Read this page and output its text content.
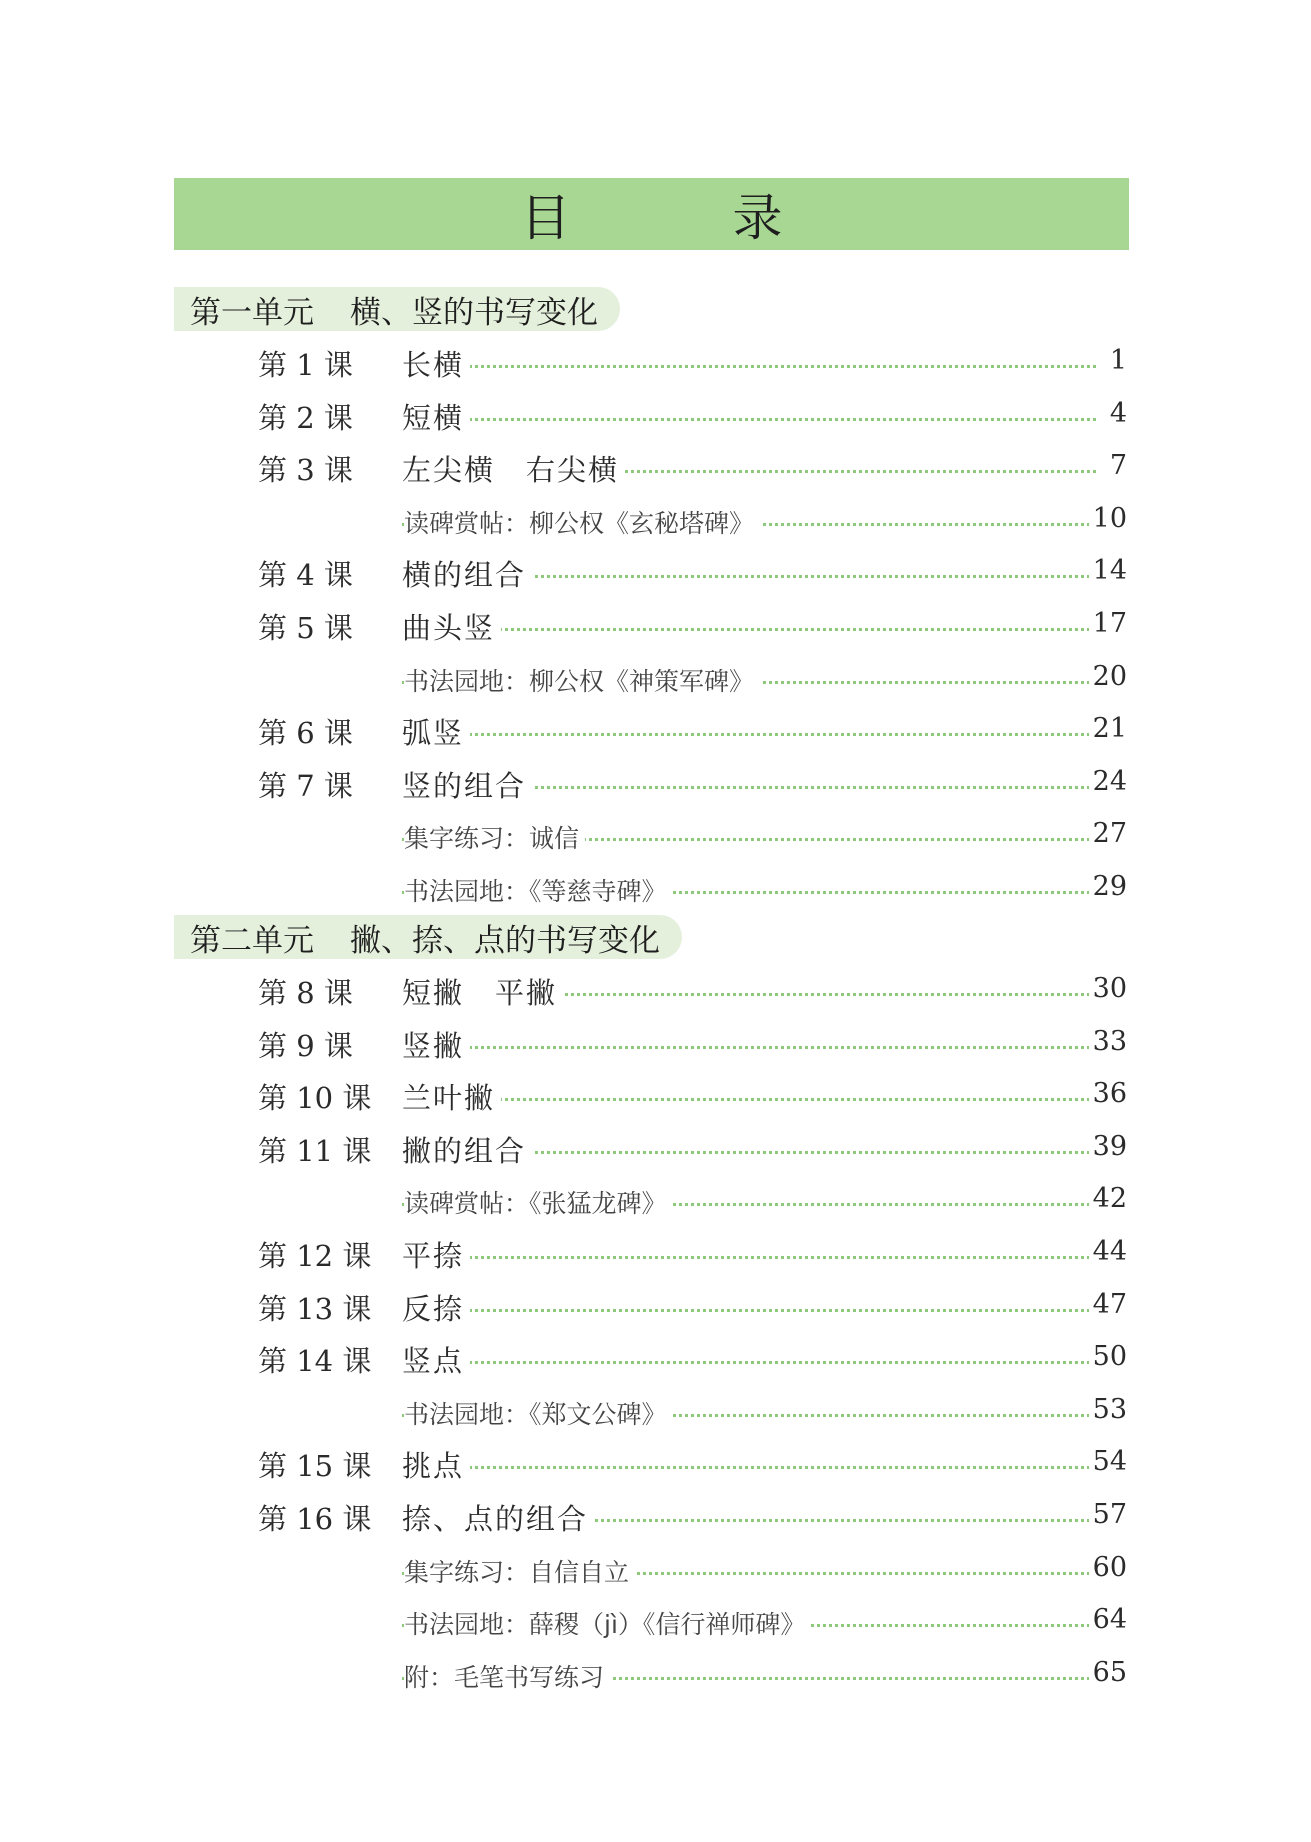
目　录
第一单元 横、竖的书写变化
第 1 课 长横	1
第 2 课 短横	4
第 3 课 左尖横　右尖横	7
读碑赏帖：柳公权《玄秘塔碑》	10
第 4 课 横的组合	14
第 5 课 曲头竖	17
书法园地：柳公权《神策军碑》	20
第 6 课 弧竖	21
第 7 课 竖的组合	24
集字练习：诚信	27
书法园地：《等慈寺碑》	29
第二单元 撇、捺、点的书写变化
第 8 课 短撇　平撇	30
第 9 课 竖撇	33
第 10 课 兰叶撇	36
第 11 课 撇的组合	39
读碑赏帖：《张猛龙碑》	42
第 12 课 平捺	44
第 13 课 反捺	47
第 14 课 竖点	50
书法园地：《郑文公碑》	53
第 15 课 挑点	54
第 16 课 捺、点的组合	57
集字练习：自信自立	60
书法园地：薛稷（jì）《信行禅师碑》	64
附：毛笔书写练习	65
